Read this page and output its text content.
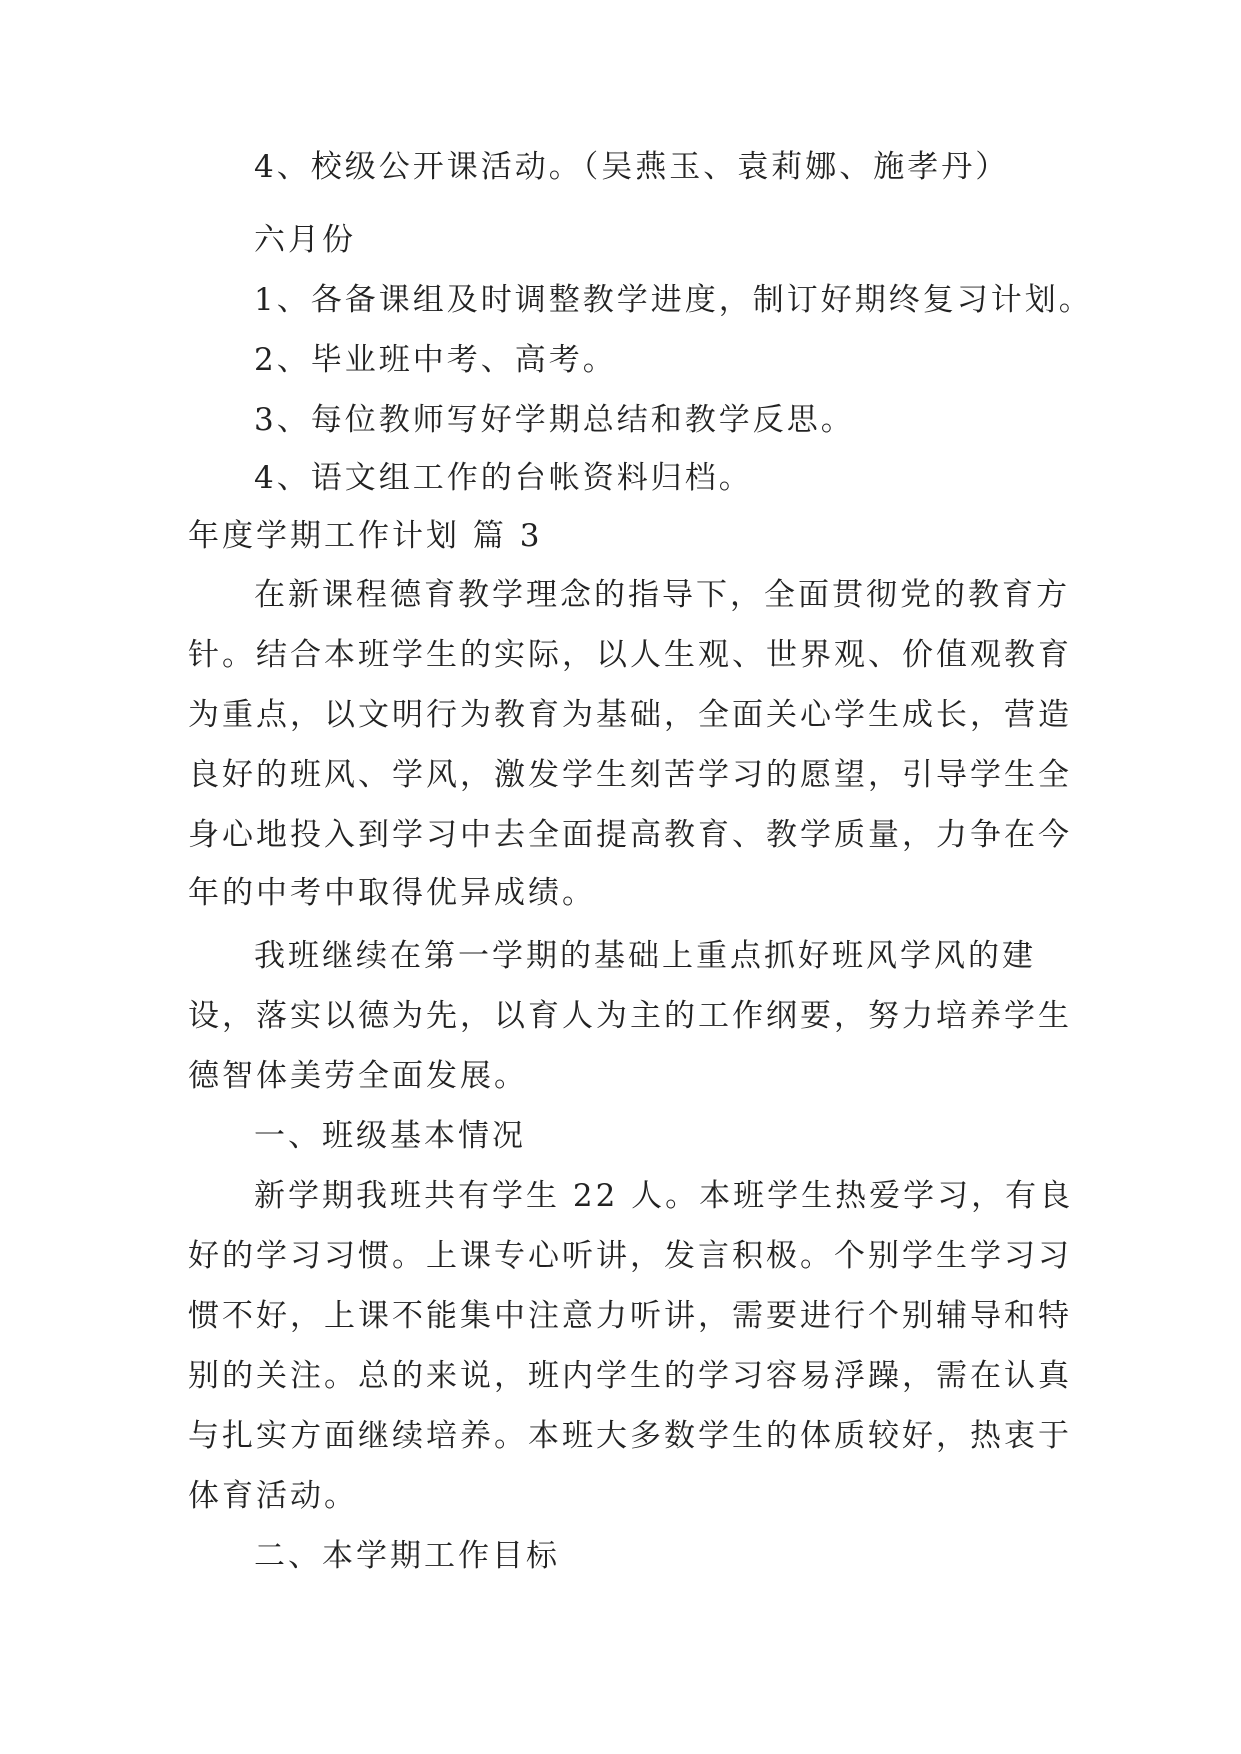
4、校级公开课活动。（吴燕玉、袁莉娜、施孝丹）
六月份
1、各备课组及时调整教学进度，制订好期终复习计划。
2、毕业班中考、高考。
3、每位教师写好学期总结和教学反思。
4、语文组工作的台帐资料归档。
年度学期工作计划 篇 3
在新课程德育教学理念的指导下，全面贯彻党的教育方
针。结合本班学生的实际，以人生观、世界观、价值观教育
为重点，以文明行为教育为基础，全面关心学生成长，营造
良好的班风、学风，激发学生刻苦学习的愿望，引导学生全
身心地投入到学习中去全面提高教育、教学质量，力争在今
年的中考中取得优异成绩。
我班继续在第一学期的基础上重点抓好班风学风的建
设，落实以德为先，以育人为主的工作纲要，努力培养学生
德智体美劳全面发展。
一、班级基本情况
新学期我班共有学生 22 人。本班学生热爱学习，有良
好的学习习惯。上课专心听讲，发言积极。个别学生学习习
惯不好，上课不能集中注意力听讲，需要进行个别辅导和特
别的关注。总的来说，班内学生的学习容易浮躁，需在认真
与扎实方面继续培养。本班大多数学生的体质较好，热衷于
体育活动。
二、本学期工作目标
